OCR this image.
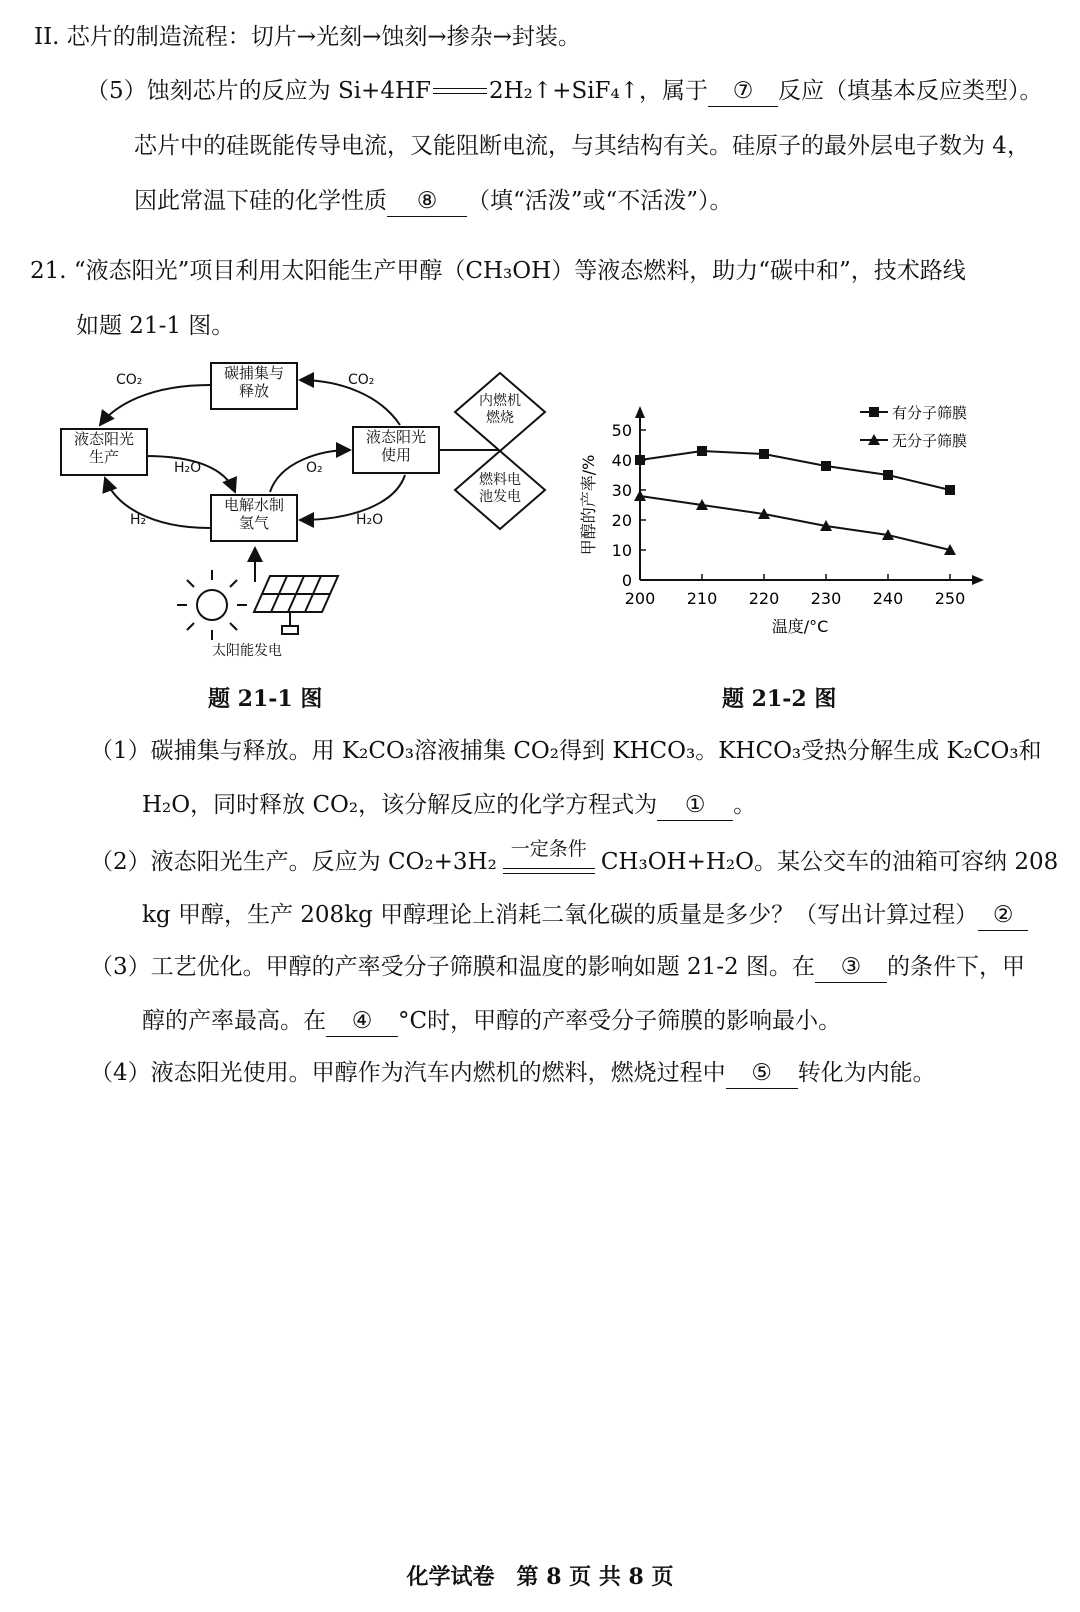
II. 芯片的制造流程：切片→光刻→蚀刻→掺杂→封装。
（5）蚀刻芯片的反应为 Si+4HF	2H₂↑+SiF₄↑，属于 ⑦ 反应（填基本反应类型）。
芯片中的硅既能传导电流，又能阻断电流，与其结构有关。硅原子的最外层电子数为 4，
因此常温下硅的化学性质 ⑧ （填“活泼”或“不活泼”）。
21. “液态阳光”项目利用太阳能生产甲醇（CH₃OH）等液态燃料，助力“碳中和”，技术路线
如题 21-1 图。
碳捕集与
释放
液态阳光
生产
液态阳光
使用
电解水制
氢气
内燃机
燃烧
燃料电
池发电
CO₂	CO₂
H₂O	O₂
H₂	H₂O
太阳能发电
0
10
20
30
40
50
200 210 220 230 240 250
温度/°C
甲醇的产率/%
有分子筛膜
无分子筛膜
题 21-1 图	题 21-2 图
（1）碳捕集与释放。用 K₂CO₃溶液捕集 CO₂得到 KHCO₃。KHCO₃受热分解生成 K₂CO₃和
H₂O，同时释放 CO₂，该分解反应的化学方程式为 ① 。
（2）液态阳光生产。反应为 CO₂+3H₂ 一定条件 CH₃OH+H₂O。某公交车的油箱可容纳 208
kg 甲醇，生产 208kg 甲醇理论上消耗二氧化碳的质量是多少？（写出计算过程） ②
（3）工艺优化。甲醇的产率受分子筛膜和温度的影响如题 21-2 图。在 ③ 的条件下，甲
醇的产率最高。在 ④ °C时，甲醇的产率受分子筛膜的影响最小。
（4）液态阳光使用。甲醇作为汽车内燃机的燃料，燃烧过程中 ⑤ 转化为内能。
化学试卷　第 8 页 共 8 页
